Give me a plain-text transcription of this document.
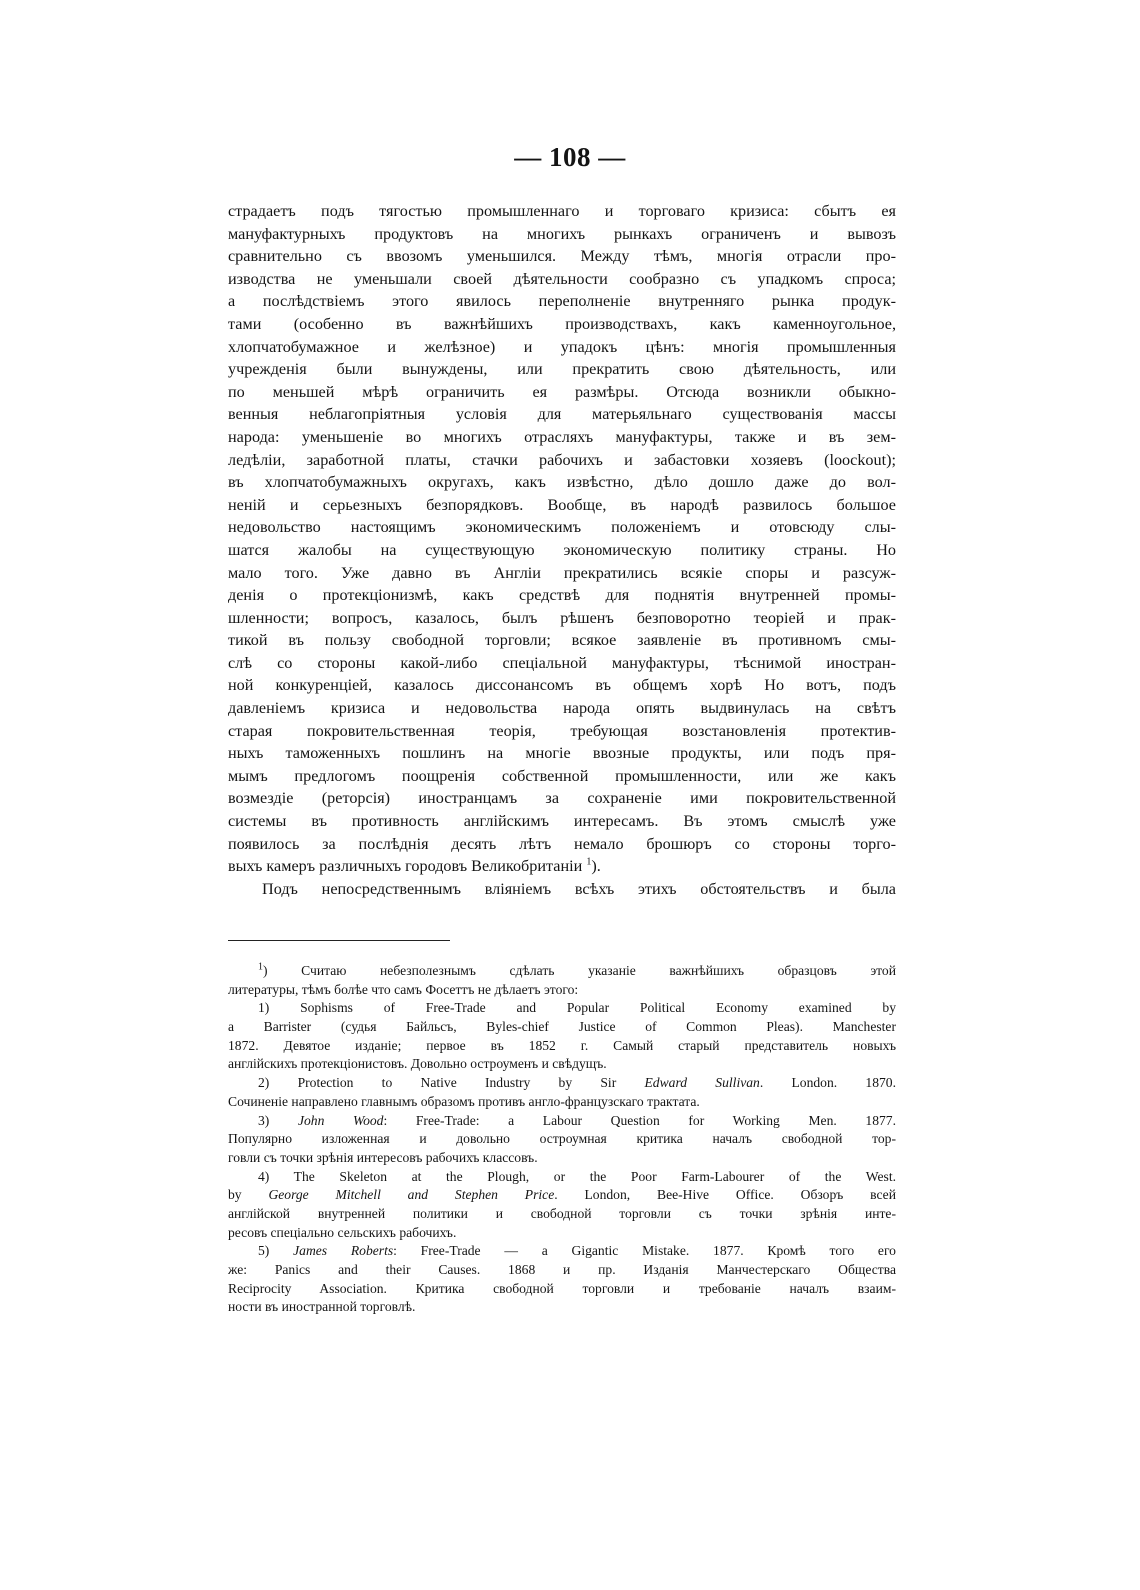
— 108 —
страдаетъ подъ тягостью промышленнаго и торговаго кризиса: сбытъ ея
мануфактурныхъ продуктовъ на многихъ рынкахъ ограниченъ и вывозъ
сравнительно съ ввозомъ уменьшился. Между тѣмъ, многія отрасли про-
изводства не уменьшали своей дѣятельности сообразно съ упадкомъ спроса;
а послѣдствіемъ этого явилось переполненіе внутренняго рынка продук-
тами (особенно въ важнѣйшихъ производствахъ, какъ каменноугольное,
хлопчатобумажное и желѣзное) и упадокъ цѣнъ: многія промышленныя
учрежденія были вынуждены, или прекратить свою дѣятельность, или
по меньшей мѣрѣ ограничить ея размѣры. Отсюда возникли обыкно-
венныя неблагопріятныя условія для матерьяльнаго существованія массы
народа: уменьшеніе во многихъ отрасляхъ мануфактуры, также и въ зем-
ледѣліи, заработной платы, стачки рабочихъ и забастовки хозяевъ (loockout);
въ хлопчатобумажныхъ округахъ, какъ извѣстно, дѣло дошло даже до вол-
неній и серьезныхъ безпорядковъ. Вообще, въ народѣ развилось большое
недовольство настоящимъ экономическимъ положеніемъ и отовсюду слы-
шатся жалобы на существующую экономическую политику страны. Но
мало того. Уже давно въ Англіи прекратились всякіе споры и разсуж-
денія о протекціонизмѣ, какъ средствѣ для поднятія внутренней промы-
шленности; вопросъ, казалось, былъ рѣшенъ безповоротно теоріей и прак-
тикой въ пользу свободной торговли; всякое заявленіе въ противномъ смы-
слѣ со стороны какой-либо спеціальной мануфактуры, тѣснимой иностран-
ной конкуренціей, казалось диссонансомъ въ общемъ хорѣ Но вотъ, подъ
давленіемъ кризиса и недовольства народа опять выдвинулась на свѣтъ
старая покровительственная теорія, требующая возстановленія протектив-
ныхъ таможенныхъ пошлинъ на многіе ввозные продукты, или подъ пря-
мымъ предлогомъ поощренія собственной промышленности, или же какъ
возмездіе (реторсія) иностранцамъ за сохраненіе ими покровительственной
системы въ противность англійскимъ интересамъ. Въ этомъ смыслѣ уже
появилось за послѣднія десять лѣтъ немало брошюръ со стороны торго-
выхъ камеръ различныхъ городовъ Великобританіи $^1$).
Подъ непосредственнымъ вліяніемъ всѣхъ этихъ обстоятельствъ и была
$^1$) Считаю небезполезнымъ сдѣлать указаніе важнѣйшихъ образцовъ этой
литературы, тѣмъ болѣе что самъ Фосеттъ не дѣлаетъ этого:
1) Sophisms of Free-Trade and Popular Political Economy examined by
a Barrister (судья Байльсъ, Byles-chief Justice of Common Pleas). Manchester
1872. Девятое изданіе; первое въ 1852 г. Самый старый представитель новыхъ
англійскихъ протекціонистовъ. Довольно остроуменъ и свѣдущъ.
2) Protection to Native Industry by Sir Edward Sullivan. London. 1870.
Сочиненіе направлено главнымъ образомъ противъ англо-французскаго трактата.
3) John Wood: Free-Trade: a Labour Question for Working Men. 1877.
Популярно изложенная и довольно остроумная критика началъ свободной тор-
говли съ точки зрѣнія интересовъ рабочихъ классовъ.
4) The Skeleton at the Plough, or the Poor Farm-Labourer of the West.
by George Mitchell and Stephen Price. London, Bee-Hive Office. Обзоръ всей
англійской внутренней политики и свободной торговли съ точки зрѣнія инте-
ресовъ спеціально сельскихъ рабочихъ.
5) James Roberts: Free-Trade — a Gigantic Mistake. 1877. Кромѣ того его
же: Panics and their Causes. 1868 и пр. Изданія Манчестерскаго Общества
Reciprocity Association. Критика свободной торговли и требованіе началъ взаим-
ности въ иностранной торговлѣ.
